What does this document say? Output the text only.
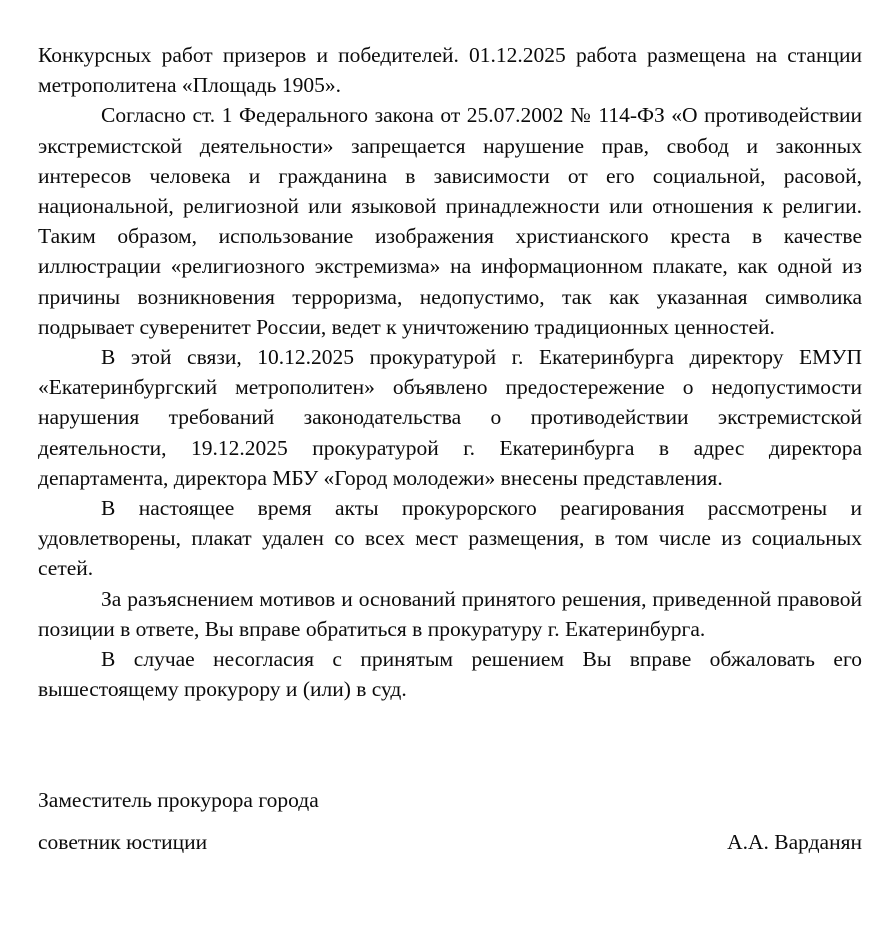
Конкурсных работ призеров и победителей. 01.12.2025 работа размещена на станции метрополитена «Площадь 1905».

Согласно ст. 1 Федерального закона от 25.07.2002 № 114-ФЗ «О противодействии экстремистской деятельности» запрещается нарушение прав, свобод и законных интересов человека и гражданина в зависимости от его социальной, расовой, национальной, религиозной или языковой принадлежности или отношения к религии. Таким образом, использование изображения христианского креста в качестве иллюстрации «религиозного экстремизма» на информационном плакате, как одной из причины возникновения терроризма, недопустимо, так как указанная символика подрывает суверенитет России, ведет к уничтожению традиционных ценностей.

В этой связи, 10.12.2025 прокуратурой г. Екатеринбурга директору ЕМУП «Екатеринбургский метрополитен» объявлено предостережение о недопустимости нарушения требований законодательства о противодействии экстремистской деятельности, 19.12.2025 прокуратурой г. Екатеринбурга в адрес директора департамента, директора МБУ «Город молодежи» внесены представления.

В настоящее время акты прокурорского реагирования рассмотрены и удовлетворены, плакат удален со всех мест размещения, в том числе из социальных сетей.

За разъяснением мотивов и оснований принятого решения, приведенной правовой позиции в ответе, Вы вправе обратиться в прокуратуру г. Екатеринбурга.

В случае несогласия с принятым решением Вы вправе обжаловать его вышестоящему прокурору и (или) в суд.

Заместитель прокурора города
советник юстиции	А.А. Варданян
